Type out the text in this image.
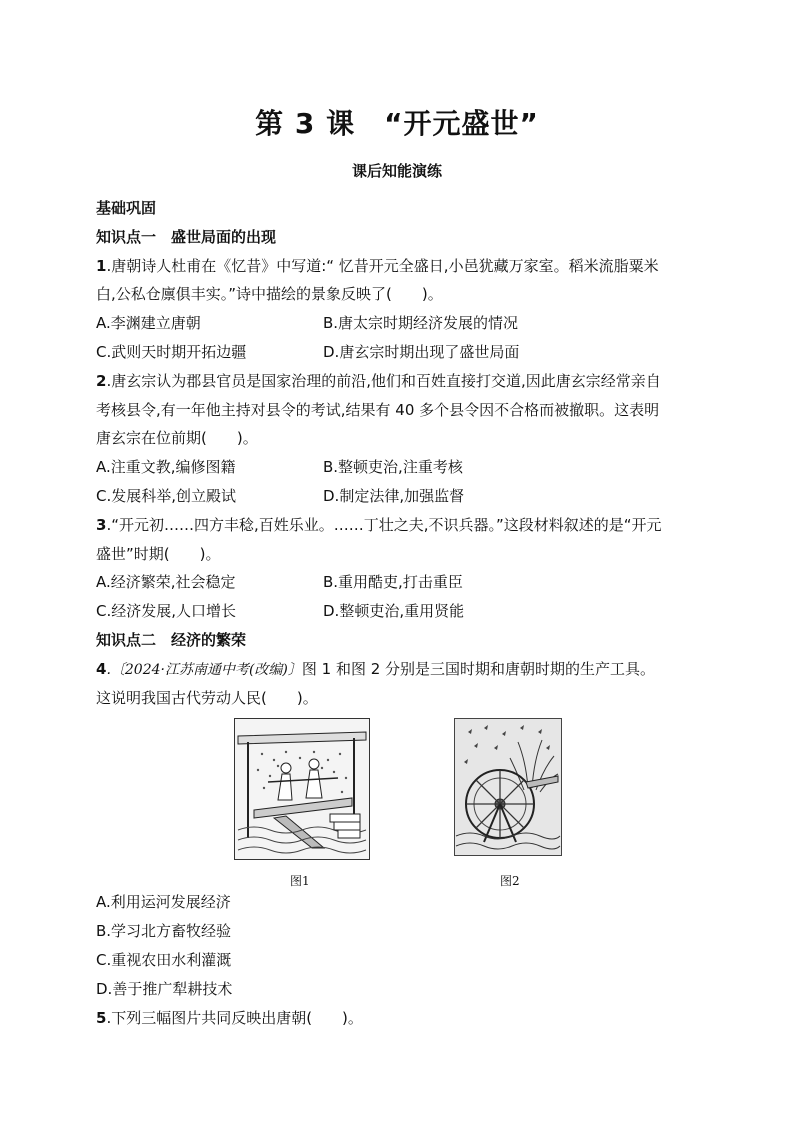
第 3 课　“开元盛世”
课后知能演练
基础巩固
知识点一　盛世局面的出现
1.唐朝诗人杜甫在《忆昔》中写道:“ 忆昔开元全盛日,小邑犹藏万家室。稻米流脂粟米
白,公私仓廪俱丰实。”诗中描绘的景象反映了(　　)。
A.李渊建立唐朝	B.唐太宗时期经济发展的情况
C.武则天时期开拓边疆	D.唐玄宗时期出现了盛世局面
2.唐玄宗认为郡县官员是国家治理的前沿,他们和百姓直接打交道,因此唐玄宗经常亲自
考核县令,有一年他主持对县令的考试,结果有 40 多个县令因不合格而被撤职。这表明
唐玄宗在位前期(　　)。
A.注重文教,编修图籍	B.整顿吏治,注重考核
C.发展科举,创立殿试	D.制定法律,加强监督
3.“开元初……四方丰稔,百姓乐业。……丁壮之夫,不识兵器。”这段材料叙述的是“开元
盛世”时期(　　)。
A.经济繁荣,社会稳定	B.重用酷吏,打击重臣
C.经济发展,人口增长	D.整顿吏治,重用贤能
知识点二　经济的繁荣
4.〔2024·江苏南通中考(改编)〕图 1 和图 2 分别是三国时期和唐朝时期的生产工具。
这说明我国古代劳动人民(　　)。
图1	图2
A.利用运河发展经济
B.学习北方畜牧经验
C.重视农田水利灌溉
D.善于推广犁耕技术
5.下列三幅图片共同反映出唐朝(　　)。
